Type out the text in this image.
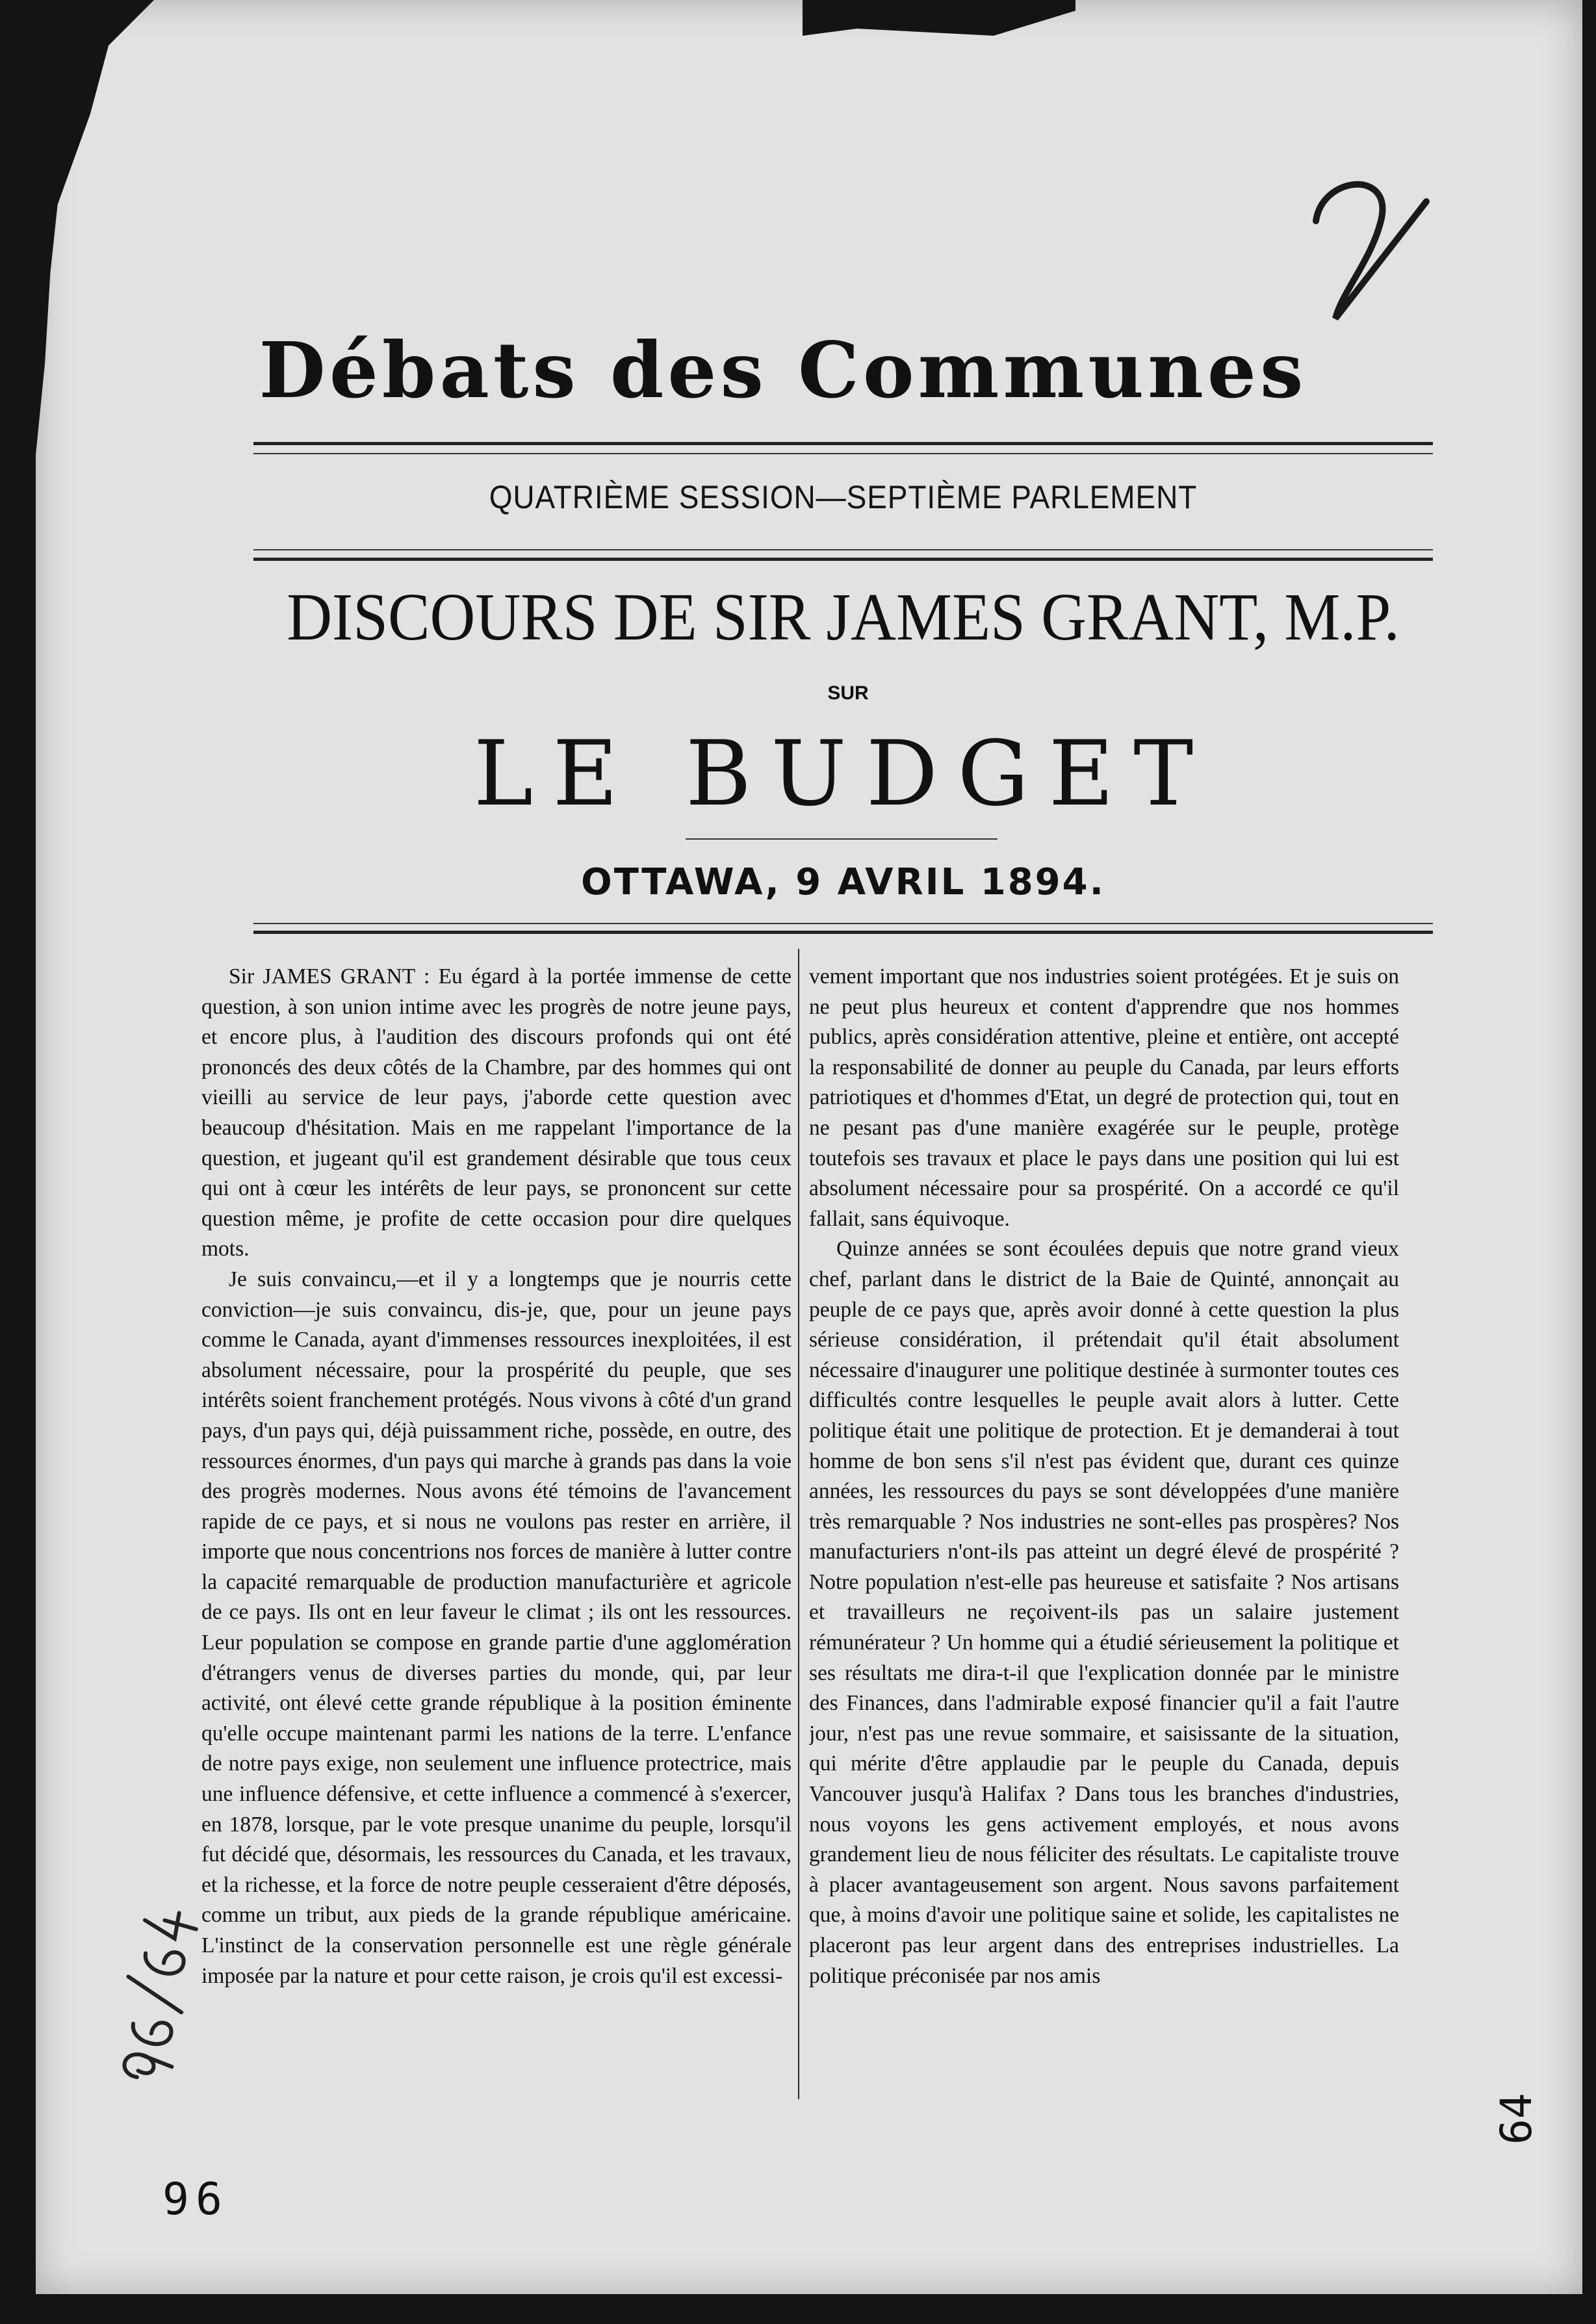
Débats des Communes
QUATRIÈME SESSION—SEPTIÈME PARLEMENT
DISCOURS DE SIR JAMES GRANT, M.P.
SUR
LE BUDGET
OTTAWA, 9 AVRIL 1894.

Sir JAMES GRANT : Eu égard à la portée immense de cette question, à son union intime avec les progrès de notre jeune pays, et encore plus, à l'audition des discours profonds qui ont été prononcés des deux côtés de la Chambre, par des hommes qui ont vieilli au service de leur pays, j'aborde cette question avec beaucoup d'hésitation. Mais en me rappelant l'importance de la question, et jugeant qu'il est grandement désirable que tous ceux qui ont à cœur les intérêts de leur pays, se prononcent sur cette question même, je profite de cette occasion pour dire quelques mots.

Je suis convaincu,—et il y a longtemps que je nourris cette conviction—je suis convaincu, dis-je, que, pour un jeune pays comme le Canada, ayant d'immenses ressources inexploitées, il est absolument nécessaire, pour la prospérité du peuple, que ses intérêts soient franchement protégés. Nous vivons à côté d'un grand pays, d'un pays qui, déjà puissamment riche, possède, en outre, des ressources énormes, d'un pays qui marche à grands pas dans la voie des progrès modernes. Nous avons été témoins de l'avancement rapide de ce pays, et si nous ne voulons pas rester en arrière, il importe que nous concentrions nos forces de manière à lutter contre la capacité remarquable de production manufacturière et agricole de ce pays. Ils ont en leur faveur le climat ; ils ont les ressources. Leur population se compose en grande partie d'une agglomération d'étrangers venus de diverses parties du monde, qui, par leur activité, ont élevé cette grande république à la position éminente qu'elle occupe maintenant parmi les nations de la terre. L'enfance de notre pays exige, non seulement une influence protectrice, mais une influence défensive, et cette influence a commencé à s'exercer, en 1878, lorsque, par le vote presque unanime du peuple, lorsqu'il fut décidé que, désormais, les ressources du Canada, et les travaux, et la richesse, et la force de notre peuple cesseraient d'être déposés, comme un tribut, aux pieds de la grande république américaine. L'instinct de la conservation personnelle est une règle générale imposée par la nature et pour cette raison, je crois qu'il est excessi-

vement important que nos industries soient protégées. Et je suis on ne peut plus heureux et content d'apprendre que nos hommes publics, après considération attentive, pleine et entière, ont accepté la responsabilité de donner au peuple du Canada, par leurs efforts patriotiques et d'hommes d'Etat, un degré de protection qui, tout en ne pesant pas d'une manière exagérée sur le peuple, protège toutefois ses travaux et place le pays dans une position qui lui est absolument nécessaire pour sa prospérité. On a accordé ce qu'il fallait, sans équivoque.

Quinze années se sont écoulées depuis que notre grand vieux chef, parlant dans le district de la Baie de Quinté, annonçait au peuple de ce pays que, après avoir donné à cette question la plus sérieuse considération, il prétendait qu'il était absolument nécessaire d'inaugurer une politique destinée à surmonter toutes ces difficultés contre lesquelles le peuple avait alors à lutter. Cette politique était une politique de protection. Et je demanderai à tout homme de bon sens s'il n'est pas évident que, durant ces quinze années, les ressources du pays se sont développées d'une manière très remarquable ? Nos industries ne sont-elles pas prospères? Nos manufacturiers n'ont-ils pas atteint un degré élevé de prospérité ? Notre population n'est-elle pas heureuse et satisfaite ? Nos artisans et travailleurs ne reçoivent-ils pas un salaire justement rémunérateur ? Un homme qui a étudié sérieusement la politique et ses résultats me dira-t-il que l'explication donnée par le ministre des Finances, dans l'admirable exposé financier qu'il a fait l'autre jour, n'est pas une revue sommaire, et saisissante de la situation, qui mérite d'être applaudie par le peuple du Canada, depuis Vancouver jusqu'à Halifax ? Dans tous les branches d'industries, nous voyons les gens activement employés, et nous avons grandement lieu de nous féliciter des résultats. Le capitaliste trouve à placer avantageusement son argent. Nous savons parfaitement que, à moins d'avoir une politique saine et solide, les capitalistes ne placeront pas leur argent dans des entreprises industrielles. La politique préconisée par nos amis

96
64
